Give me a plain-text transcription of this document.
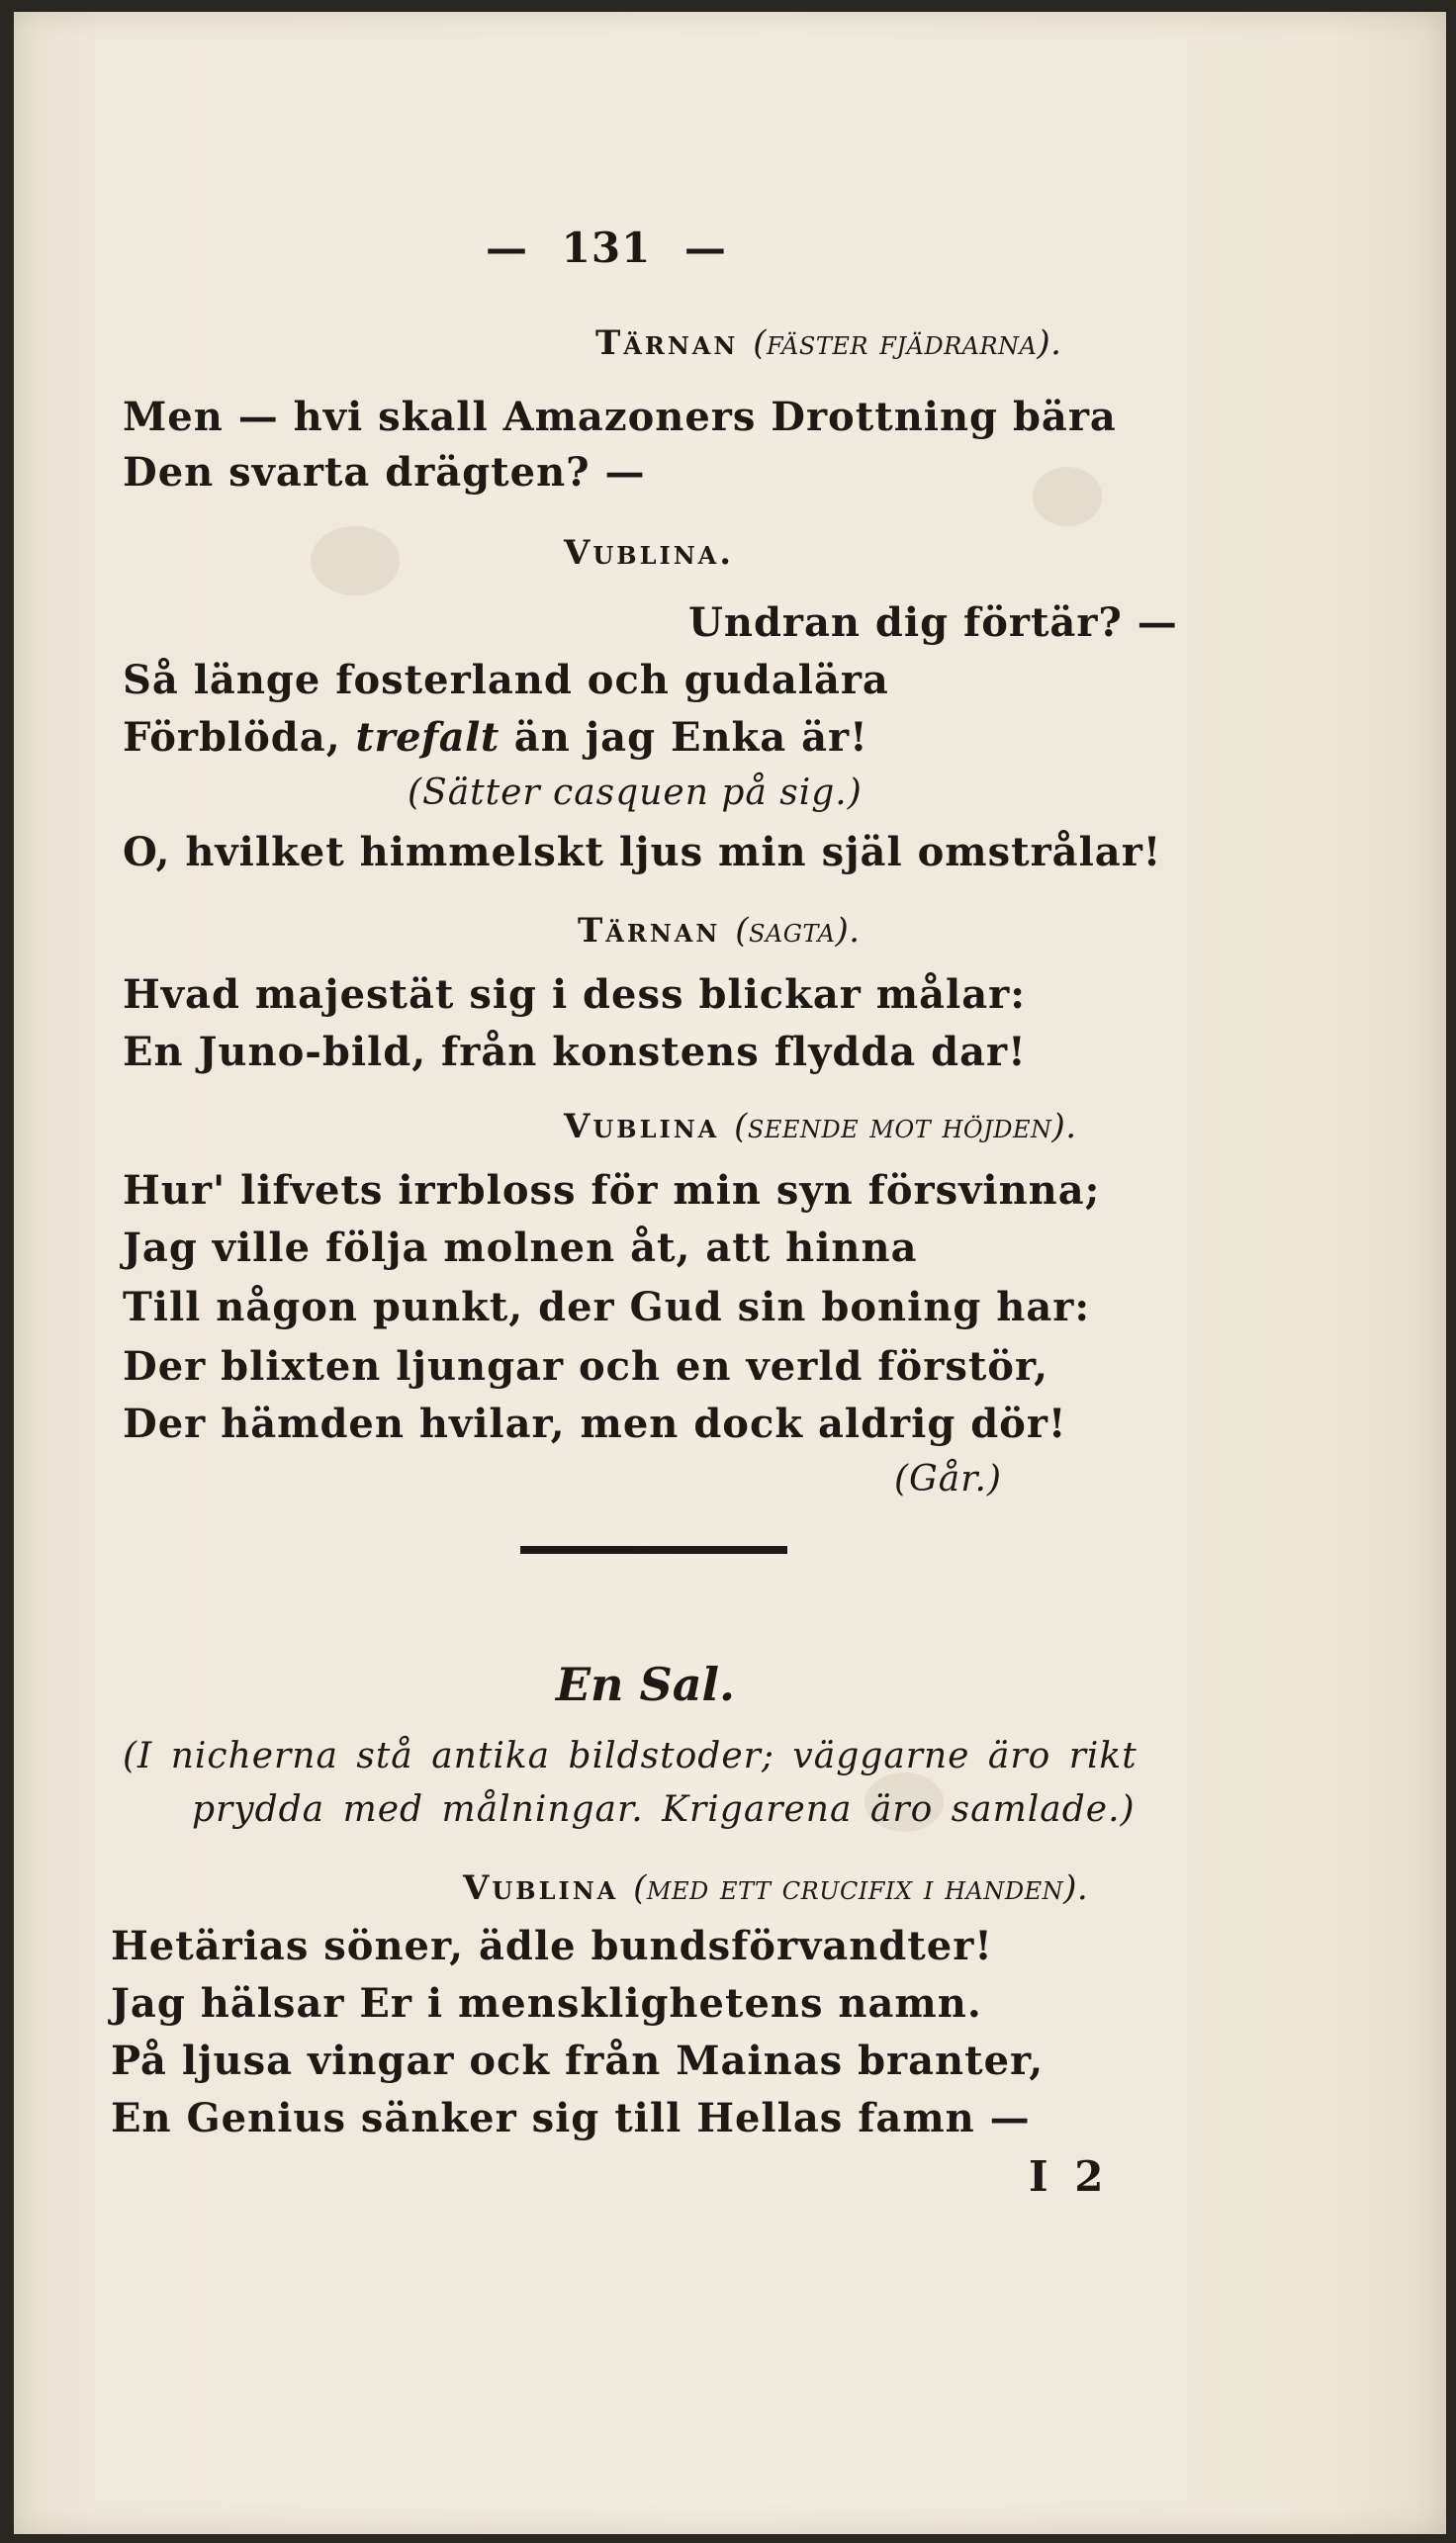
— 131 —

Tärnan (fäster fjädrarna).

Men — hvi skall Amazoners Drottning bära

Den svarta drägten? —

Vublina.

Undran dig förtär? —

Så länge fosterland och gudalära

Förblöda, trefalt än jag Enka är!

(Sätter casquen på sig.)

O, hvilket himmelskt ljus min själ omstrålar!

Tärnan (sagta).

Hvad majestät sig i dess blickar målar:

En Juno-bild, från konstens flydda dar!

Vublina (seende mot höjden).

Hur' lifvets irrbloss för min syn försvinna;

Jag ville följa molnen åt, att hinna

Till någon punkt, der Gud sin boning har:

Der blixten ljungar och en verld förstör,

Der hämden hvilar, men dock aldrig dör!

(Går.)

En Sal.

(I nicherna stå antika bildstoder; väggarne äro rikt

prydda med målningar. Krigarena äro samlade.)

Vublina (med ett crucifix i handen).

Hetärias söner, ädle bundsförvandter!

Jag hälsar Er i mensklighetens namn.

På ljusa vingar ock från Mainas branter,

En Genius sänker sig till Hellas famn —

I 2
